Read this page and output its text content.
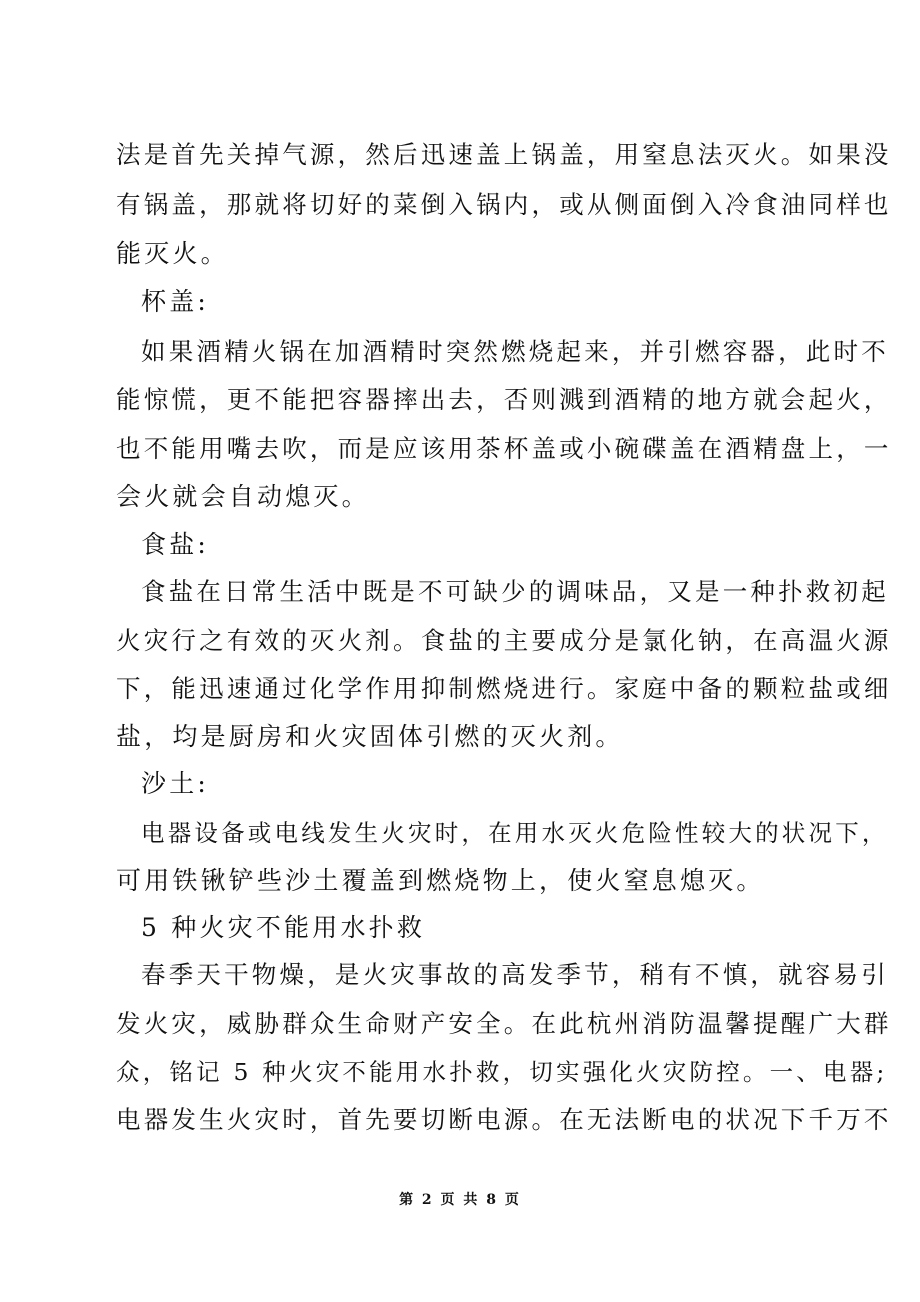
法是首先关掉气源，然后迅速盖上锅盖，用窒息法灭火。如果没
有锅盖，那就将切好的菜倒入锅内，或从侧面倒入冷食油同样也
能灭火。
杯盖:
如果酒精火锅在加酒精时突然燃烧起来，并引燃容器，此时不
能惊慌，更不能把容器摔出去，否则溅到酒精的地方就会起火，
也不能用嘴去吹，而是应该用茶杯盖或小碗碟盖在酒精盘上，一
会火就会自动熄灭。
食盐:
食盐在日常生活中既是不可缺少的调味品，又是一种扑救初起
火灾行之有效的灭火剂。食盐的主要成分是氯化钠，在高温火源
下，能迅速通过化学作用抑制燃烧进行。家庭中备的颗粒盐或细
盐，均是厨房和火灾固体引燃的灭火剂。
沙土:
电器设备或电线发生火灾时，在用水灭火危险性较大的状况下，
可用铁锹铲些沙土覆盖到燃烧物上，使火窒息熄灭。
5 种火灾不能用水扑救
春季天干物燥，是火灾事故的高发季节，稍有不慎，就容易引
发火灾，威胁群众生命财产安全。在此杭州消防温馨提醒广大群
众，铭记 5 种火灾不能用水扑救，切实强化火灾防控。一、电器;
电器发生火灾时，首先要切断电源。在无法断电的状况下千万不
第 2 页 共 8 页
